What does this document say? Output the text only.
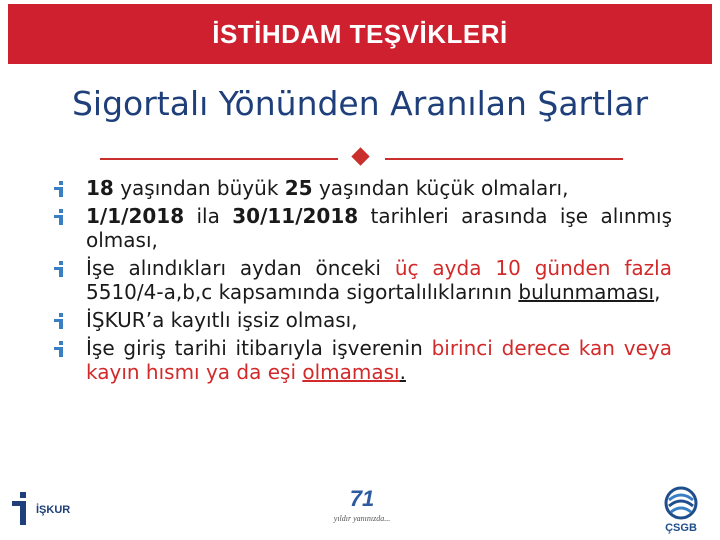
İSTİHDAM TEŞVİKLERİ
Sigortalı Yönünden Aranılan Şartlar
18 yaşından büyük 25 yaşından küçük olmaları,
1/1/2018 ila 30/11/2018 tarihleri arasında işe alınmış olması,
İşe alındıkları aydan önceki üç ayda 10 günden fazla 5510/4-a,b,c kapsamında sigortalılıklarının bulunmaması,
İŞKUR’a kayıtlı işsiz olması,
İşe giriş tarihi itibarıyla işverenin birinci derece kan veya kayın hısmı ya da eşi olmaması.
İŞKUR	71
yıldır yanınızda...
ÇSGB
